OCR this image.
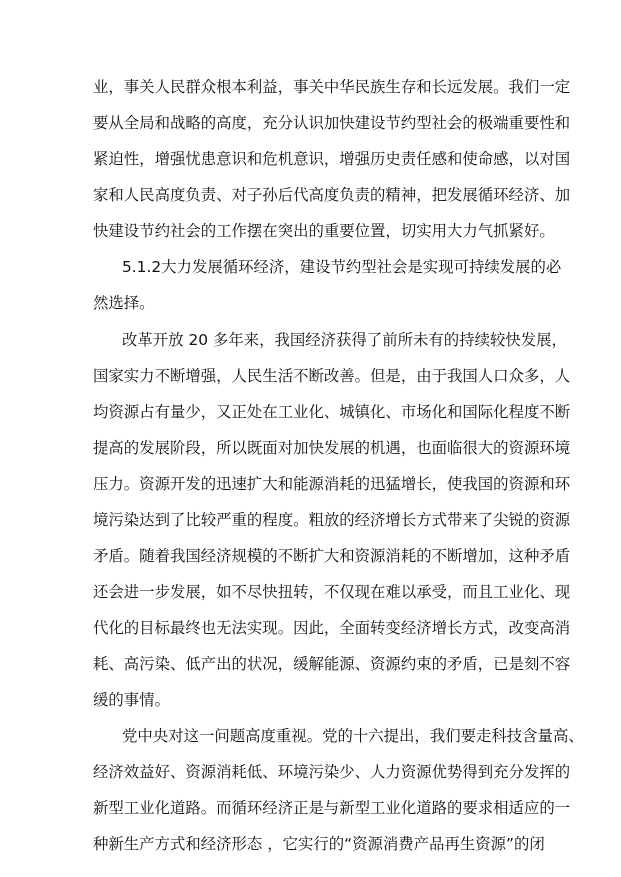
业，事关人民群众根本利益，事关中华民族生存和长远发展。我们一定
要从全局和战略的高度，充分认识加快建设节约型社会的极端重要性和
紧迫性，增强忧患意识和危机意识，增强历史责任感和使命感，以对国
家和人民高度负责、对子孙后代高度负责的精神，把发展循环经济、加
快建设节约社会的工作摆在突出的重要位置，切实用大力气抓紧好。
5.1.2大力发展循环经济，建设节约型社会是实现可持续发展的必
然选择。
改革开放 20 多年来，我国经济获得了前所未有的持续较快发展，
国家实力不断增强，人民生活不断改善。但是，由于我国人口众多，人
均资源占有量少，又正处在工业化、城镇化、市场化和国际化程度不断
提高的发展阶段，所以既面对加快发展的机遇，也面临很大的资源环境
压力。资源开发的迅速扩大和能源消耗的迅猛增长，使我国的资源和环
境污染达到了比较严重的程度。粗放的经济增长方式带来了尖锐的资源
矛盾。随着我国经济规模的不断扩大和资源消耗的不断增加，这种矛盾
还会进一步发展，如不尽快扭转，不仅现在难以承受，而且工业化、现
代化的目标最终也无法实现。因此，全面转变经济增长方式，改变高消
耗、高污染、低产出的状况，缓解能源、资源约束的矛盾，已是刻不容
缓的事情。
党中央对这一问题高度重视。党的十六提出，我们要走科技含量高、
经济效益好、资源消耗低、环境污染少、人力资源优势得到充分发挥的
新型工业化道路。而循环经济正是与新型工业化道路的要求相适应的一
种新生产方式和经济形态 ，它实行的“资源消费产品再生资源”的闭
